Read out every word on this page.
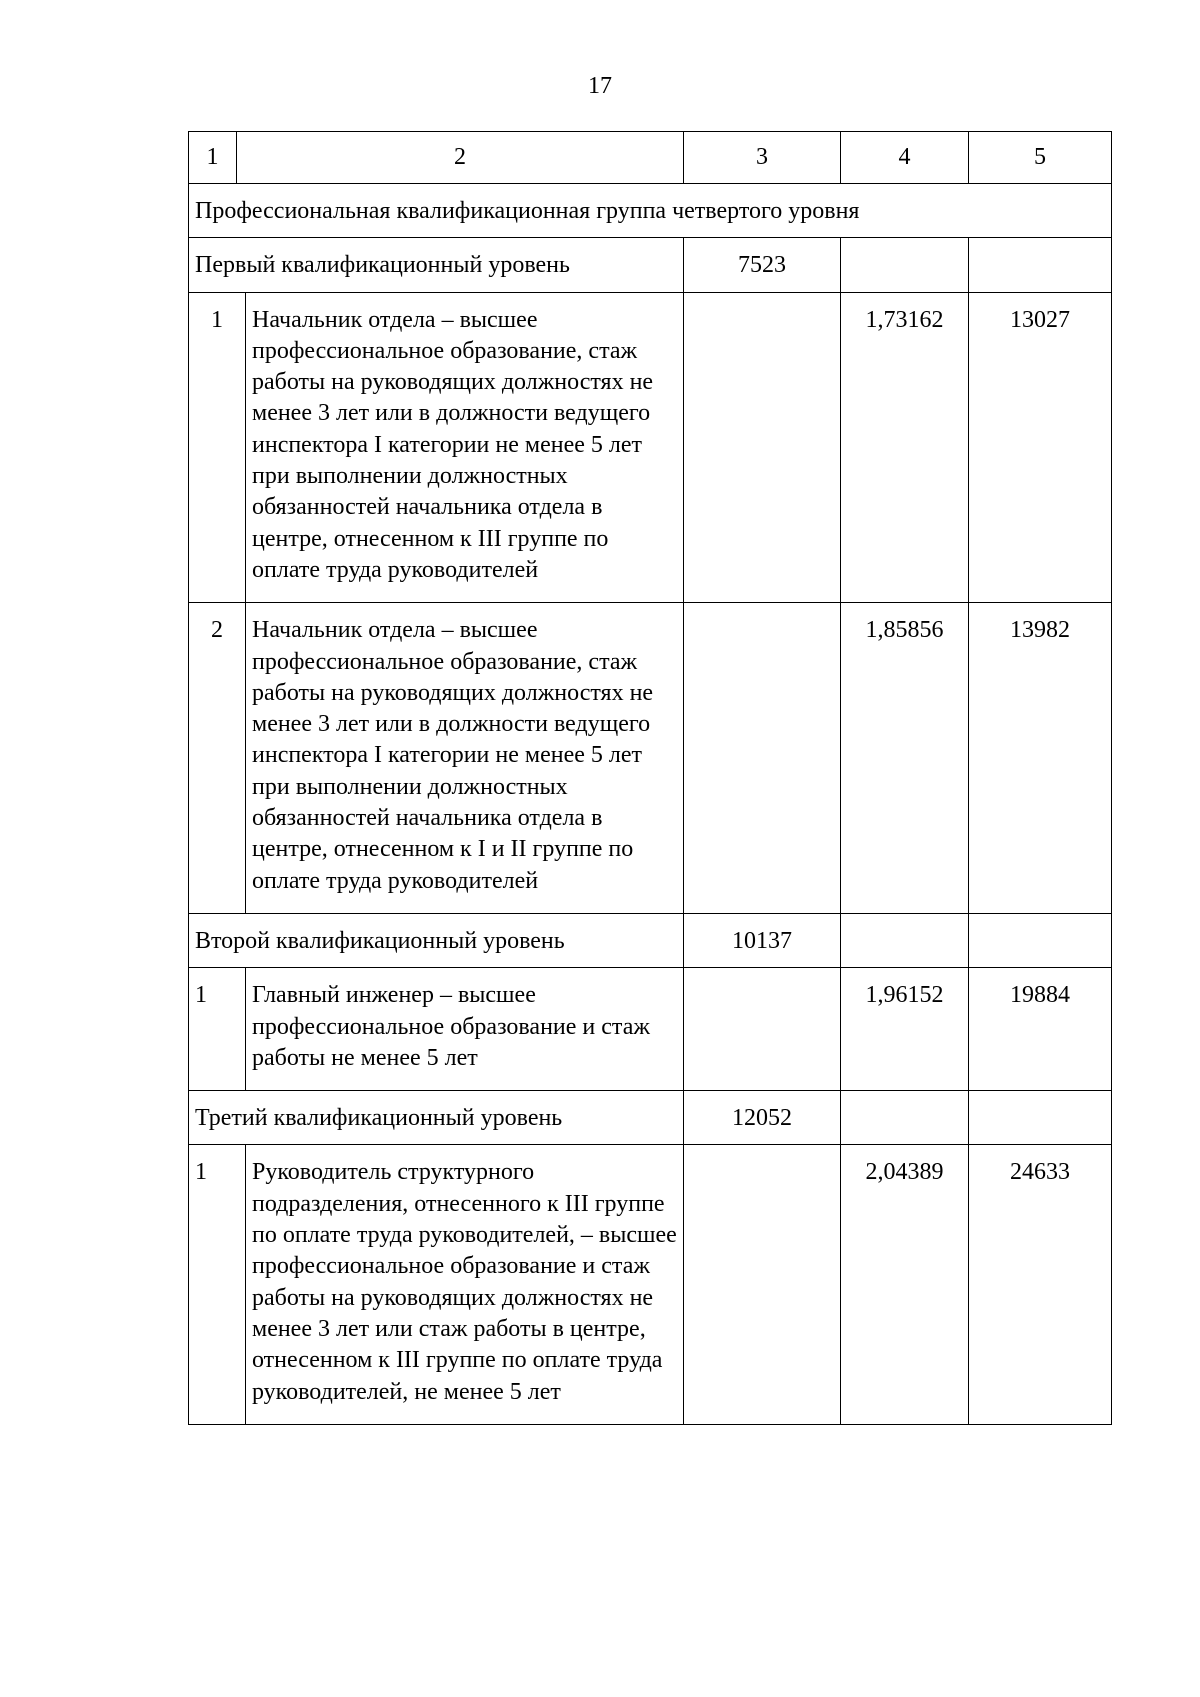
17
1	2		3	4	5
Профессиональная квалификационная группа четвертого уровня					
Первый квалификационный уровень			7523		
1		Начальник отдела – высшее профессиональное образование, стаж работы на руководящих должностях не менее 3 лет или в должности ведущего инспектора I категории не менее 5 лет при выполнении должностных обязанностей начальника отдела в центре, отнесенном к III группе по оплате труда руководителей		1,73162	13027
2		Начальник отдела – высшее профессиональное образование, стаж работы на руководящих должностях не менее 3 лет или в должности ведущего инспектора I категории не менее 5 лет при выполнении должностных обязанностей начальника отдела в центре, отнесенном к I и II группе по оплате труда руководителей		1,85856	13982
Второй квалификационный уровень			10137		
1		Главный инженер – высшее профессиональное образование и стаж работы не менее 5 лет		1,96152	19884
Третий квалификационный уровень			12052		
1		Руководитель структурного подразделения, отнесенного к III группе по оплате труда руководителей, – высшее профессиональное образование и стаж работы на руководящих должностях не менее 3 лет или стаж работы в центре, отнесенном к III группе по оплате труда руководителей, не менее 5 лет		2,04389	24633
